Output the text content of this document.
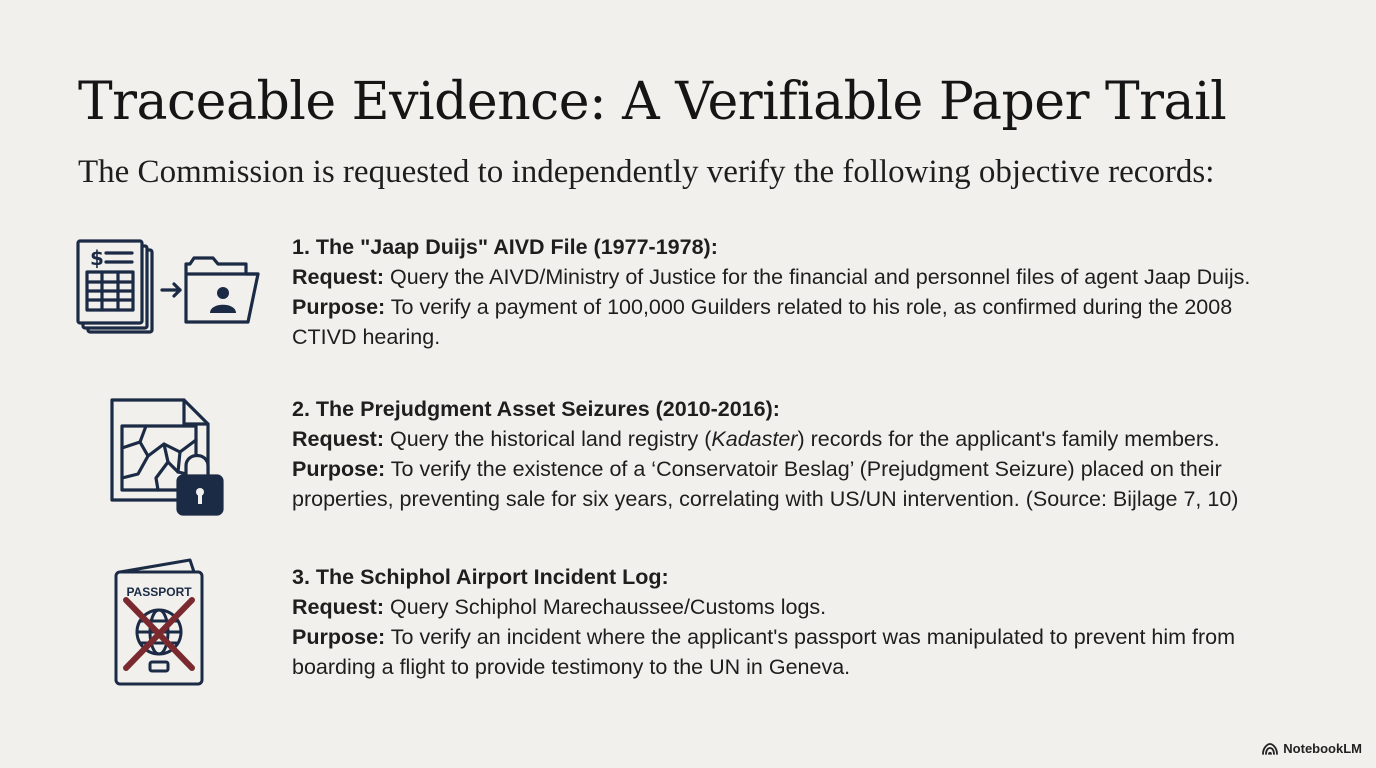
Traceable Evidence: A Verifiable Paper Trail
The Commission is requested to independently verify the following objective records:
$
PASSPORT
1. The "Jaap Duijs" AIVD File (1977-1978):
Request: Query the AIVD/Ministry of Justice for the financial and personnel files of agent Jaap Duijs.
Purpose: To verify a payment of 100,000 Guilders related to his role, as confirmed during the 2008 CTIVD hearing.
2. The Prejudgment Asset Seizures (2010-2016):
Request: Query the historical land registry (Kadaster) records for the applicant's family members.
Purpose: To verify the existence of a ‘Conservatoir Beslag’ (Prejudgment Seizure) placed on their properties, preventing sale for six years, correlating with US/UN intervention. (Source: Bijlage 7, 10)
3. The Schiphol Airport Incident Log:
Request: Query Schiphol Marechaussee/Customs logs.
Purpose: To verify an incident where the applicant's passport was manipulated to prevent him from boarding a flight to provide testimony to the UN in Geneva.
NotebookLM
